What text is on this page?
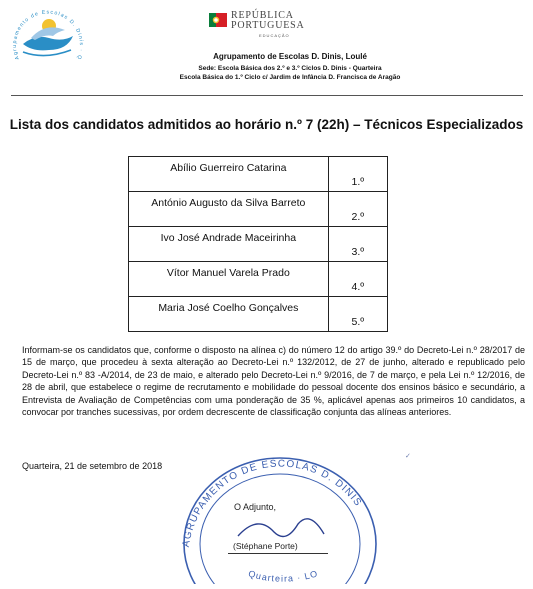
Agrupamento de Escolas D. Dinis · Q
REPÚBLICA
PORTUGUESA
EDUCAÇÃO
Agrupamento de Escolas D. Dinis, Loulé
Sede: Escola Básica dos 2.º e 3.º Ciclos D. Dinis - Quarteira
Escola Básica do 1.º Ciclo c/ Jardim de Infância D. Francisca de Aragão
Lista dos candidatos admitidos ao horário n.º 7 (22h) – Técnicos Especializados
Abílio Guerreiro Catarina	1.º
António Augusto da Silva Barreto	2.º
Ivo José Andrade Maceirinha	3.º
Vítor Manuel Varela Prado	4.º
Maria José Coelho Gonçalves	5.º
Informam-se os candidatos que, conforme o disposto na alínea c) do número 12 do artigo 39.º do Decreto-Lei n.º 28/2017 de 15 de março, que procedeu à sexta alteração ao Decreto-Lei n.º 132/2012, de 27 de junho, alterado e republicado pelo Decreto-Lei n.º 83 -A/2014, de 23 de maio, e alterado pelo Decreto-Lei n.º 9/2016, de 7 de março, e pela Lei n.º 12/2016, de 28 de abril, que estabelece o regime de recrutamento e mobilidade do pessoal docente dos ensinos básico e secundário, a Entrevista de Avaliação de Competências com uma ponderação de 35 %, aplicável apenas aos primeiros 10 candidatos, a convocar por tranches sucessivas, por ordem decrescente de classificação conjunta das alíneas anteriores.
Quarteira, 21 de setembro de 2018
AGRUPAMENTO DE ESCOLAS D. DINIS
Quarteira · LO
O Adjunto,
(Stéphane Porte)
✓
